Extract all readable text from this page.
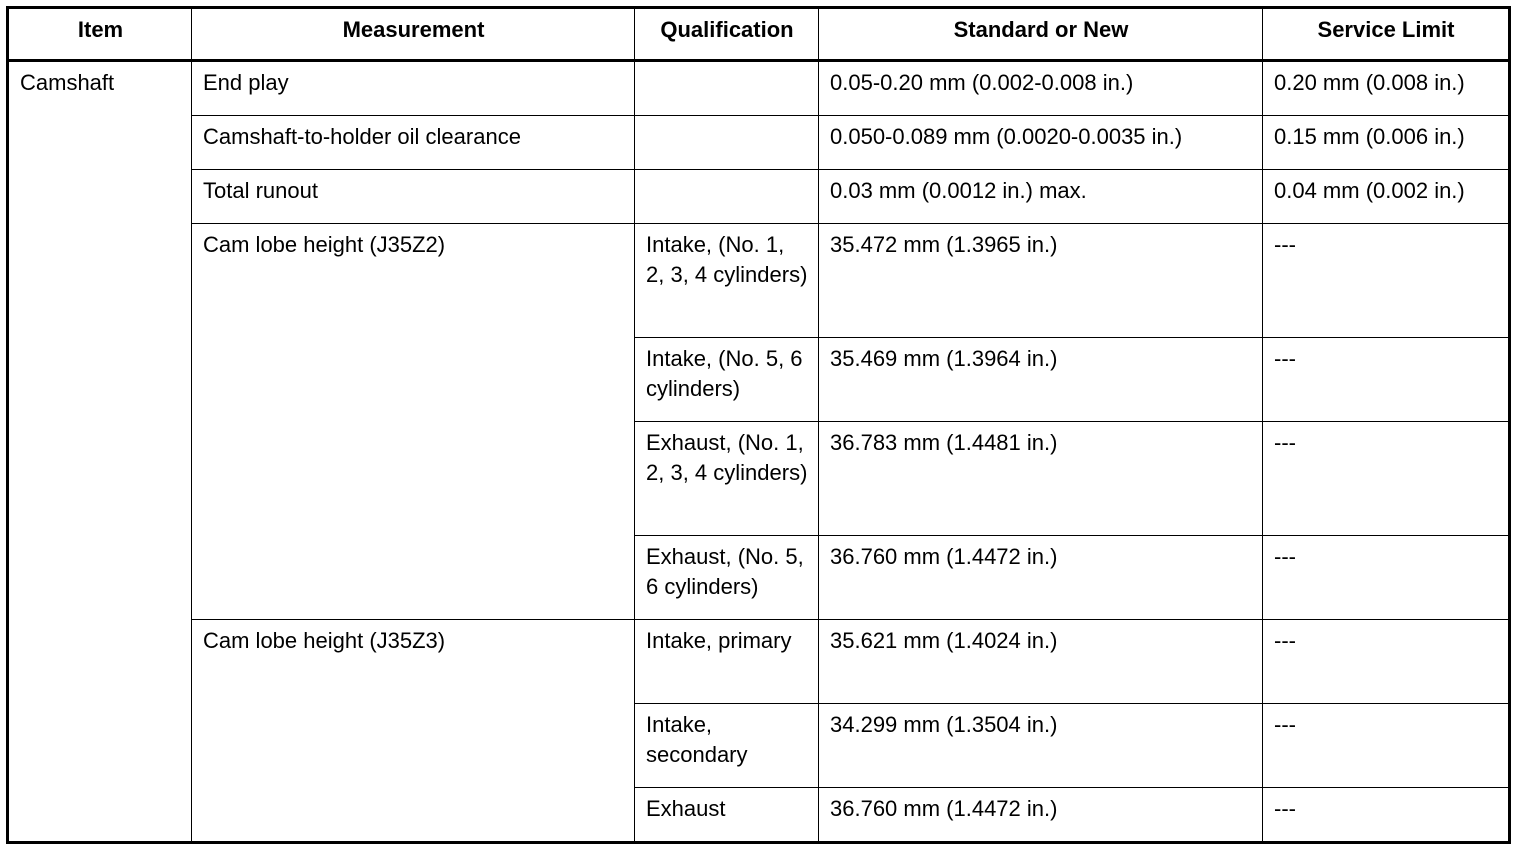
Item	Measurement	Qualification	Standard or New	Service Limit
Camshaft	End play		0.05-0.20 mm (0.002-0.008 in.)	0.20 mm (0.008 in.)
	Camshaft-to-holder oil clearance		0.050-0.089 mm (0.0020-0.0035 in.)	0.15 mm (0.006 in.)
	Total runout		0.03 mm (0.0012 in.) max.	0.04 mm (0.002 in.)
	Cam lobe height (J35Z2)	Intake, (No. 1, 2, 3, 4 cylinders)	35.472 mm (1.3965 in.)	---
		Intake, (No. 5, 6 cylinders)	35.469 mm (1.3964 in.)	---
		Exhaust, (No. 1, 2, 3, 4 cylinders)	36.783 mm (1.4481 in.)	---
		Exhaust, (No. 5, 6 cylinders)	36.760 mm (1.4472 in.)	---
	Cam lobe height (J35Z3)	Intake, primary	35.621 mm (1.4024 in.)	---
		Intake, secondary	34.299 mm (1.3504 in.)	---
		Exhaust	36.760 mm (1.4472 in.)	---
